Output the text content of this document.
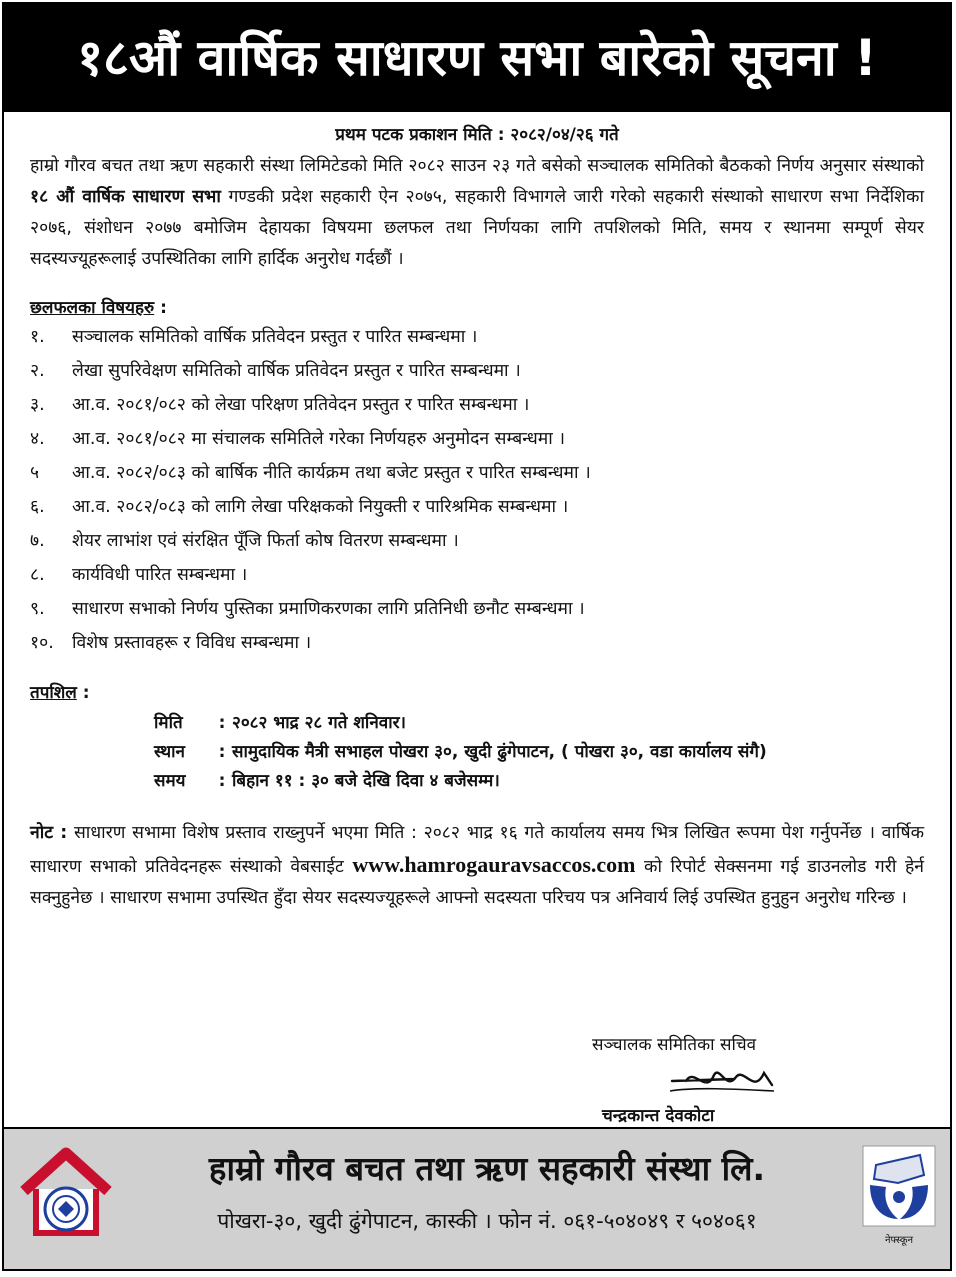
१८औं वार्षिक साधारण सभा बारेको सूचना !
प्रथम पटक प्रकाशन मिति : २०८२/०४/२६ गते

हाम्रो गौरव बचत तथा ऋण सहकारी संस्था लिमिटेडको मिति २०८२ साउन २३ गते बसेको सञ्चालक समितिको बैठकको निर्णय अनुसार संस्थाको १८ औं वार्षिक साधारण सभा गण्डकी प्रदेश सहकारी ऐन २०७५, सहकारी विभागले जारी गरेको सहकारी संस्थाको साधारण सभा निर्देशिका २०७६, संशोधन २०७७ बमोजिम देहायका विषयमा छलफल तथा निर्णयका लागि तपशिलको मिति, समय र स्थानमा सम्पूर्ण सेयर सदस्यज्यूहरूलाई उपस्थितिका लागि हार्दिक अनुरोध गर्दछौं ।

छलफलका विषयहरु :
१.	सञ्चालक समितिको वार्षिक प्रतिवेदन प्रस्तुत र पारित सम्बन्धमा ।
२.	लेखा सुपरिवेक्षण समितिको वार्षिक प्रतिवेदन प्रस्तुत र पारित सम्बन्धमा ।
३.	आ.व. २०८१/०८२ को लेखा परिक्षण प्रतिवेदन प्रस्तुत र पारित सम्बन्धमा ।
४.	आ.व. २०८१/०८२ मा संचालक समितिले गरेका निर्णयहरु अनुमोदन सम्बन्धमा ।
५	आ.व. २०८२/०८३ को बार्षिक नीति कार्यक्रम तथा बजेट प्रस्तुत र पारित सम्बन्धमा ।
६.	आ.व. २०८२/०८३ को लागि लेखा परिक्षकको नियुक्ती र पारिश्रमिक सम्बन्धमा ।
७.	शेयर लाभांश एवं संरक्षित पूँजि फिर्ता कोष वितरण सम्बन्धमा ।
८.	कार्यविधी पारित सम्बन्धमा ।
९.	साधारण सभाको निर्णय पुस्तिका प्रमाणिकरणका लागि प्रतिनिधी छनौट सम्बन्धमा ।
१०.	विशेष प्रस्तावहरू र विविध सम्बन्धमा ।
तपशिल :
मिति	: २०८२ भाद्र २८ गते शनिवार।
स्थान	: सामुदायिक मैत्री सभाहल पोखरा ३०, खुदी ढुंगेपाटन, ( पोखरा ३०, वडा कार्यालय संगै)
समय	: बिहान ११ : ३० बजे देखि दिवा ४ बजेसम्म।

नोट : साधारण सभामा विशेष प्रस्ताव राख्नुपर्ने भएमा मिति : २०८२ भाद्र १६ गते कार्यालय समय भित्र लिखित रूपमा पेश गर्नुपर्नेछ । वार्षिक साधारण सभाको प्रतिवेदनहरू संस्थाको वेबसाईट www.hamrogauravsaccos.com को रिपोर्ट सेक्सनमा गई डाउनलोड गरी हेर्न सक्नुहुनेछ । साधारण सभामा उपस्थित हुँदा सेयर सदस्यज्यूहरूले आफ्नो सदस्यता परिचय पत्र अनिवार्य लिई उपस्थित हुनुहुन अनुरोध गरिन्छ ।

सञ्चालक समितिका सचिव
चन्द्रकान्त देवकोटा
हाम्रो गौरव बचत तथा ऋण सहकारी संस्था लि.
पोखरा-३०, खुदी ढुंगेपाटन, कास्की । फोन नं. ०६१-५०४०४९ र ५०४०६१
नेफ्स्कून
